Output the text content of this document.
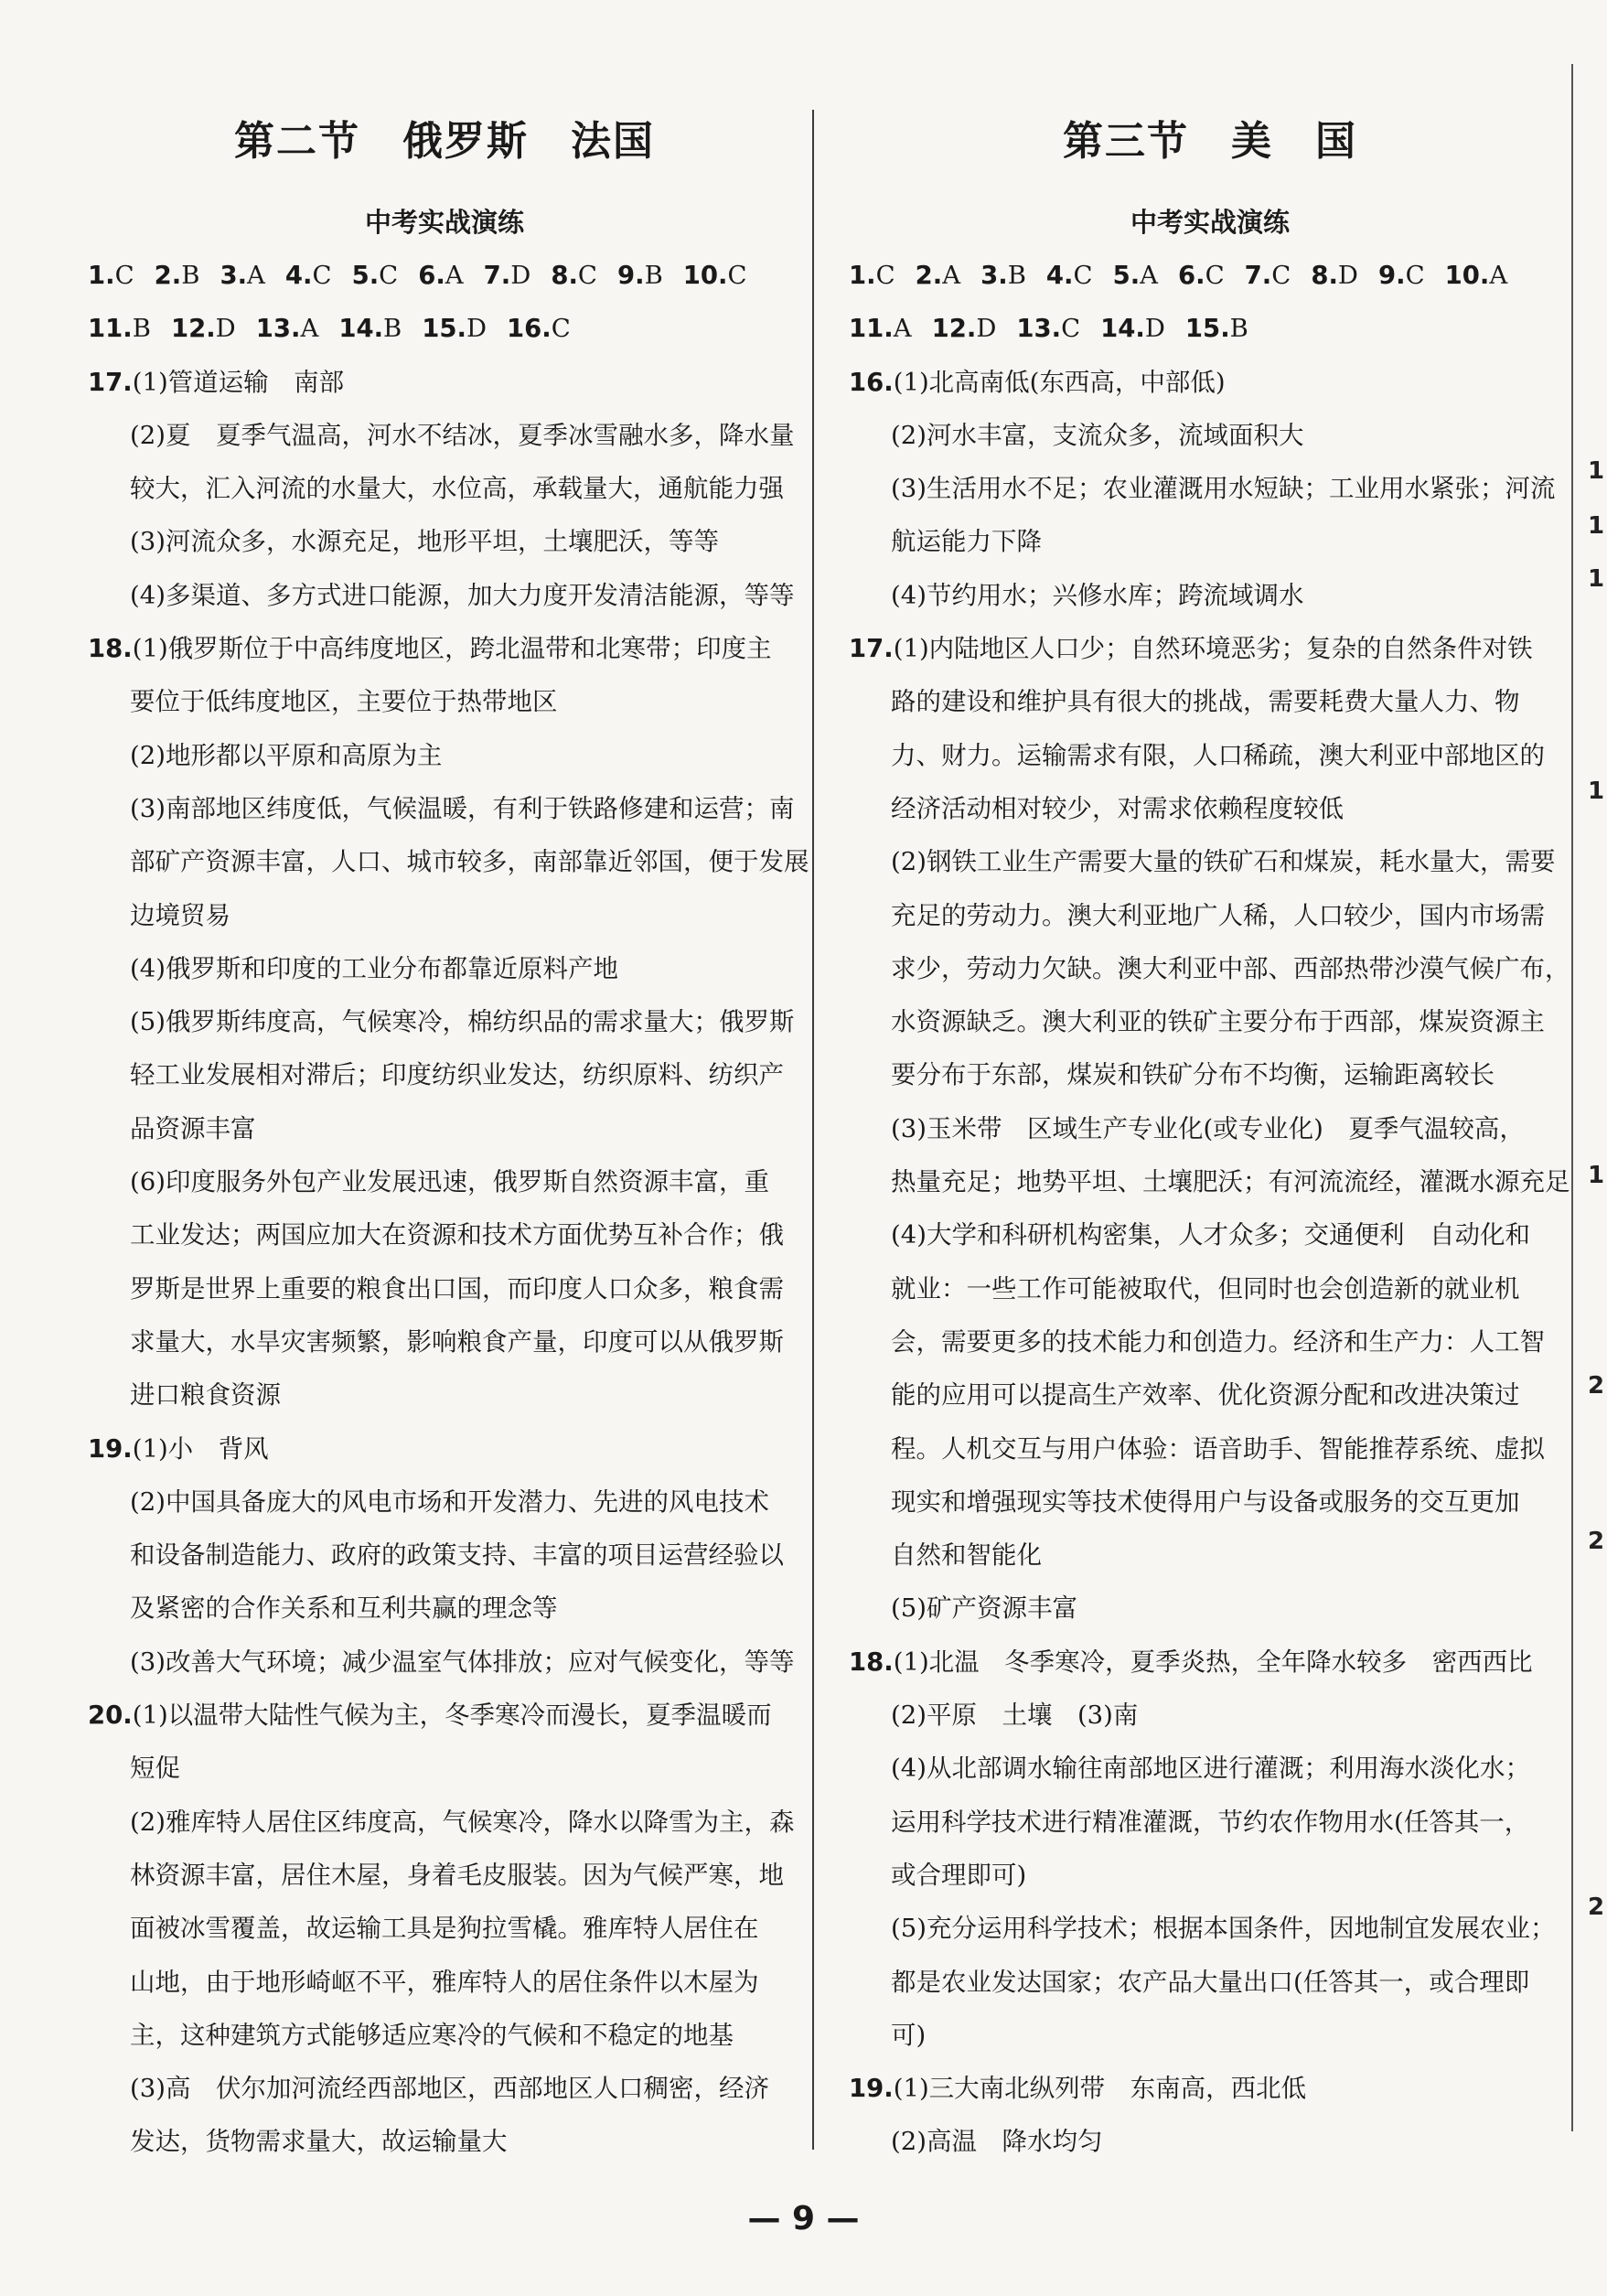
第二节　俄罗斯　法国
中考实战演练
1.C 2.B 3.A 4.C 5.C 6.A 7.D 8.C 9.B 10.C
11.B 12.D 13.A 14.B 15.D 16.C
17.(1)管道运输　南部
(2)夏　夏季气温高，河水不结冰，夏季冰雪融水多，降水量
较大，汇入河流的水量大，水位高，承载量大，通航能力强
(3)河流众多，水源充足，地形平坦，土壤肥沃，等等
(4)多渠道、多方式进口能源，加大力度开发清洁能源，等等
18.(1)俄罗斯位于中高纬度地区，跨北温带和北寒带；印度主
要位于低纬度地区，主要位于热带地区
(2)地形都以平原和高原为主
(3)南部地区纬度低，气候温暖，有利于铁路修建和运营；南
部矿产资源丰富，人口、城市较多，南部靠近邻国，便于发展
边境贸易
(4)俄罗斯和印度的工业分布都靠近原料产地
(5)俄罗斯纬度高，气候寒冷，棉纺织品的需求量大；俄罗斯
轻工业发展相对滞后；印度纺织业发达，纺织原料、纺织产
品资源丰富
(6)印度服务外包产业发展迅速，俄罗斯自然资源丰富，重
工业发达；两国应加大在资源和技术方面优势互补合作；俄
罗斯是世界上重要的粮食出口国，而印度人口众多，粮食需
求量大，水旱灾害频繁，影响粮食产量，印度可以从俄罗斯
进口粮食资源
19.(1)小　背风
(2)中国具备庞大的风电市场和开发潜力、先进的风电技术
和设备制造能力、政府的政策支持、丰富的项目运营经验以
及紧密的合作关系和互利共赢的理念等
(3)改善大气环境；减少温室气体排放；应对气候变化，等等
20.(1)以温带大陆性气候为主，冬季寒冷而漫长，夏季温暖而
短促
(2)雅库特人居住区纬度高，气候寒冷，降水以降雪为主，森
林资源丰富，居住木屋，身着毛皮服装。因为气候严寒，地
面被冰雪覆盖，故运输工具是狗拉雪橇。雅库特人居住在
山地，由于地形崎岖不平，雅库特人的居住条件以木屋为
主，这种建筑方式能够适应寒冷的气候和不稳定的地基
(3)高　伏尔加河流经西部地区，西部地区人口稠密，经济
发达，货物需求量大，故运输量大
第三节　美　国
中考实战演练
1.C 2.A 3.B 4.C 5.A 6.C 7.C 8.D 9.C 10.A
11.A 12.D 13.C 14.D 15.B
16.(1)北高南低(东西高，中部低)
(2)河水丰富，支流众多，流域面积大
(3)生活用水不足；农业灌溉用水短缺；工业用水紧张；河流
航运能力下降
(4)节约用水；兴修水库；跨流域调水
17.(1)内陆地区人口少；自然环境恶劣；复杂的自然条件对铁
路的建设和维护具有很大的挑战，需要耗费大量人力、物
力、财力。运输需求有限，人口稀疏，澳大利亚中部地区的
经济活动相对较少，对需求依赖程度较低
(2)钢铁工业生产需要大量的铁矿石和煤炭，耗水量大，需要
充足的劳动力。澳大利亚地广人稀，人口较少，国内市场需
求少，劳动力欠缺。澳大利亚中部、西部热带沙漠气候广布，
水资源缺乏。澳大利亚的铁矿主要分布于西部，煤炭资源主
要分布于东部，煤炭和铁矿分布不均衡，运输距离较长
(3)玉米带　区域生产专业化(或专业化)　夏季气温较高，
热量充足；地势平坦、土壤肥沃；有河流流经，灌溉水源充足
(4)大学和科研机构密集，人才众多；交通便利　自动化和
就业：一些工作可能被取代，但同时也会创造新的就业机
会，需要更多的技术能力和创造力。经济和生产力：人工智
能的应用可以提高生产效率、优化资源分配和改进决策过
程。人机交互与用户体验：语音助手、智能推荐系统、虚拟
现实和增强现实等技术使得用户与设备或服务的交互更加
自然和智能化
(5)矿产资源丰富
18.(1)北温　冬季寒冷，夏季炎热，全年降水较多　密西西比
(2)平原　土壤　(3)南
(4)从北部调水输往南部地区进行灌溉；利用海水淡化水；
运用科学技术进行精准灌溉，节约农作物用水(任答其一，
或合理即可)
(5)充分运用科学技术；根据本国条件，因地制宜发展农业；
都是农业发达国家；农产品大量出口(任答其一，或合理即
可)
19.(1)三大南北纵列带　东南高，西北低
(2)高温　降水均匀
1
1
1
1
1
2
2
2
— 9 —
